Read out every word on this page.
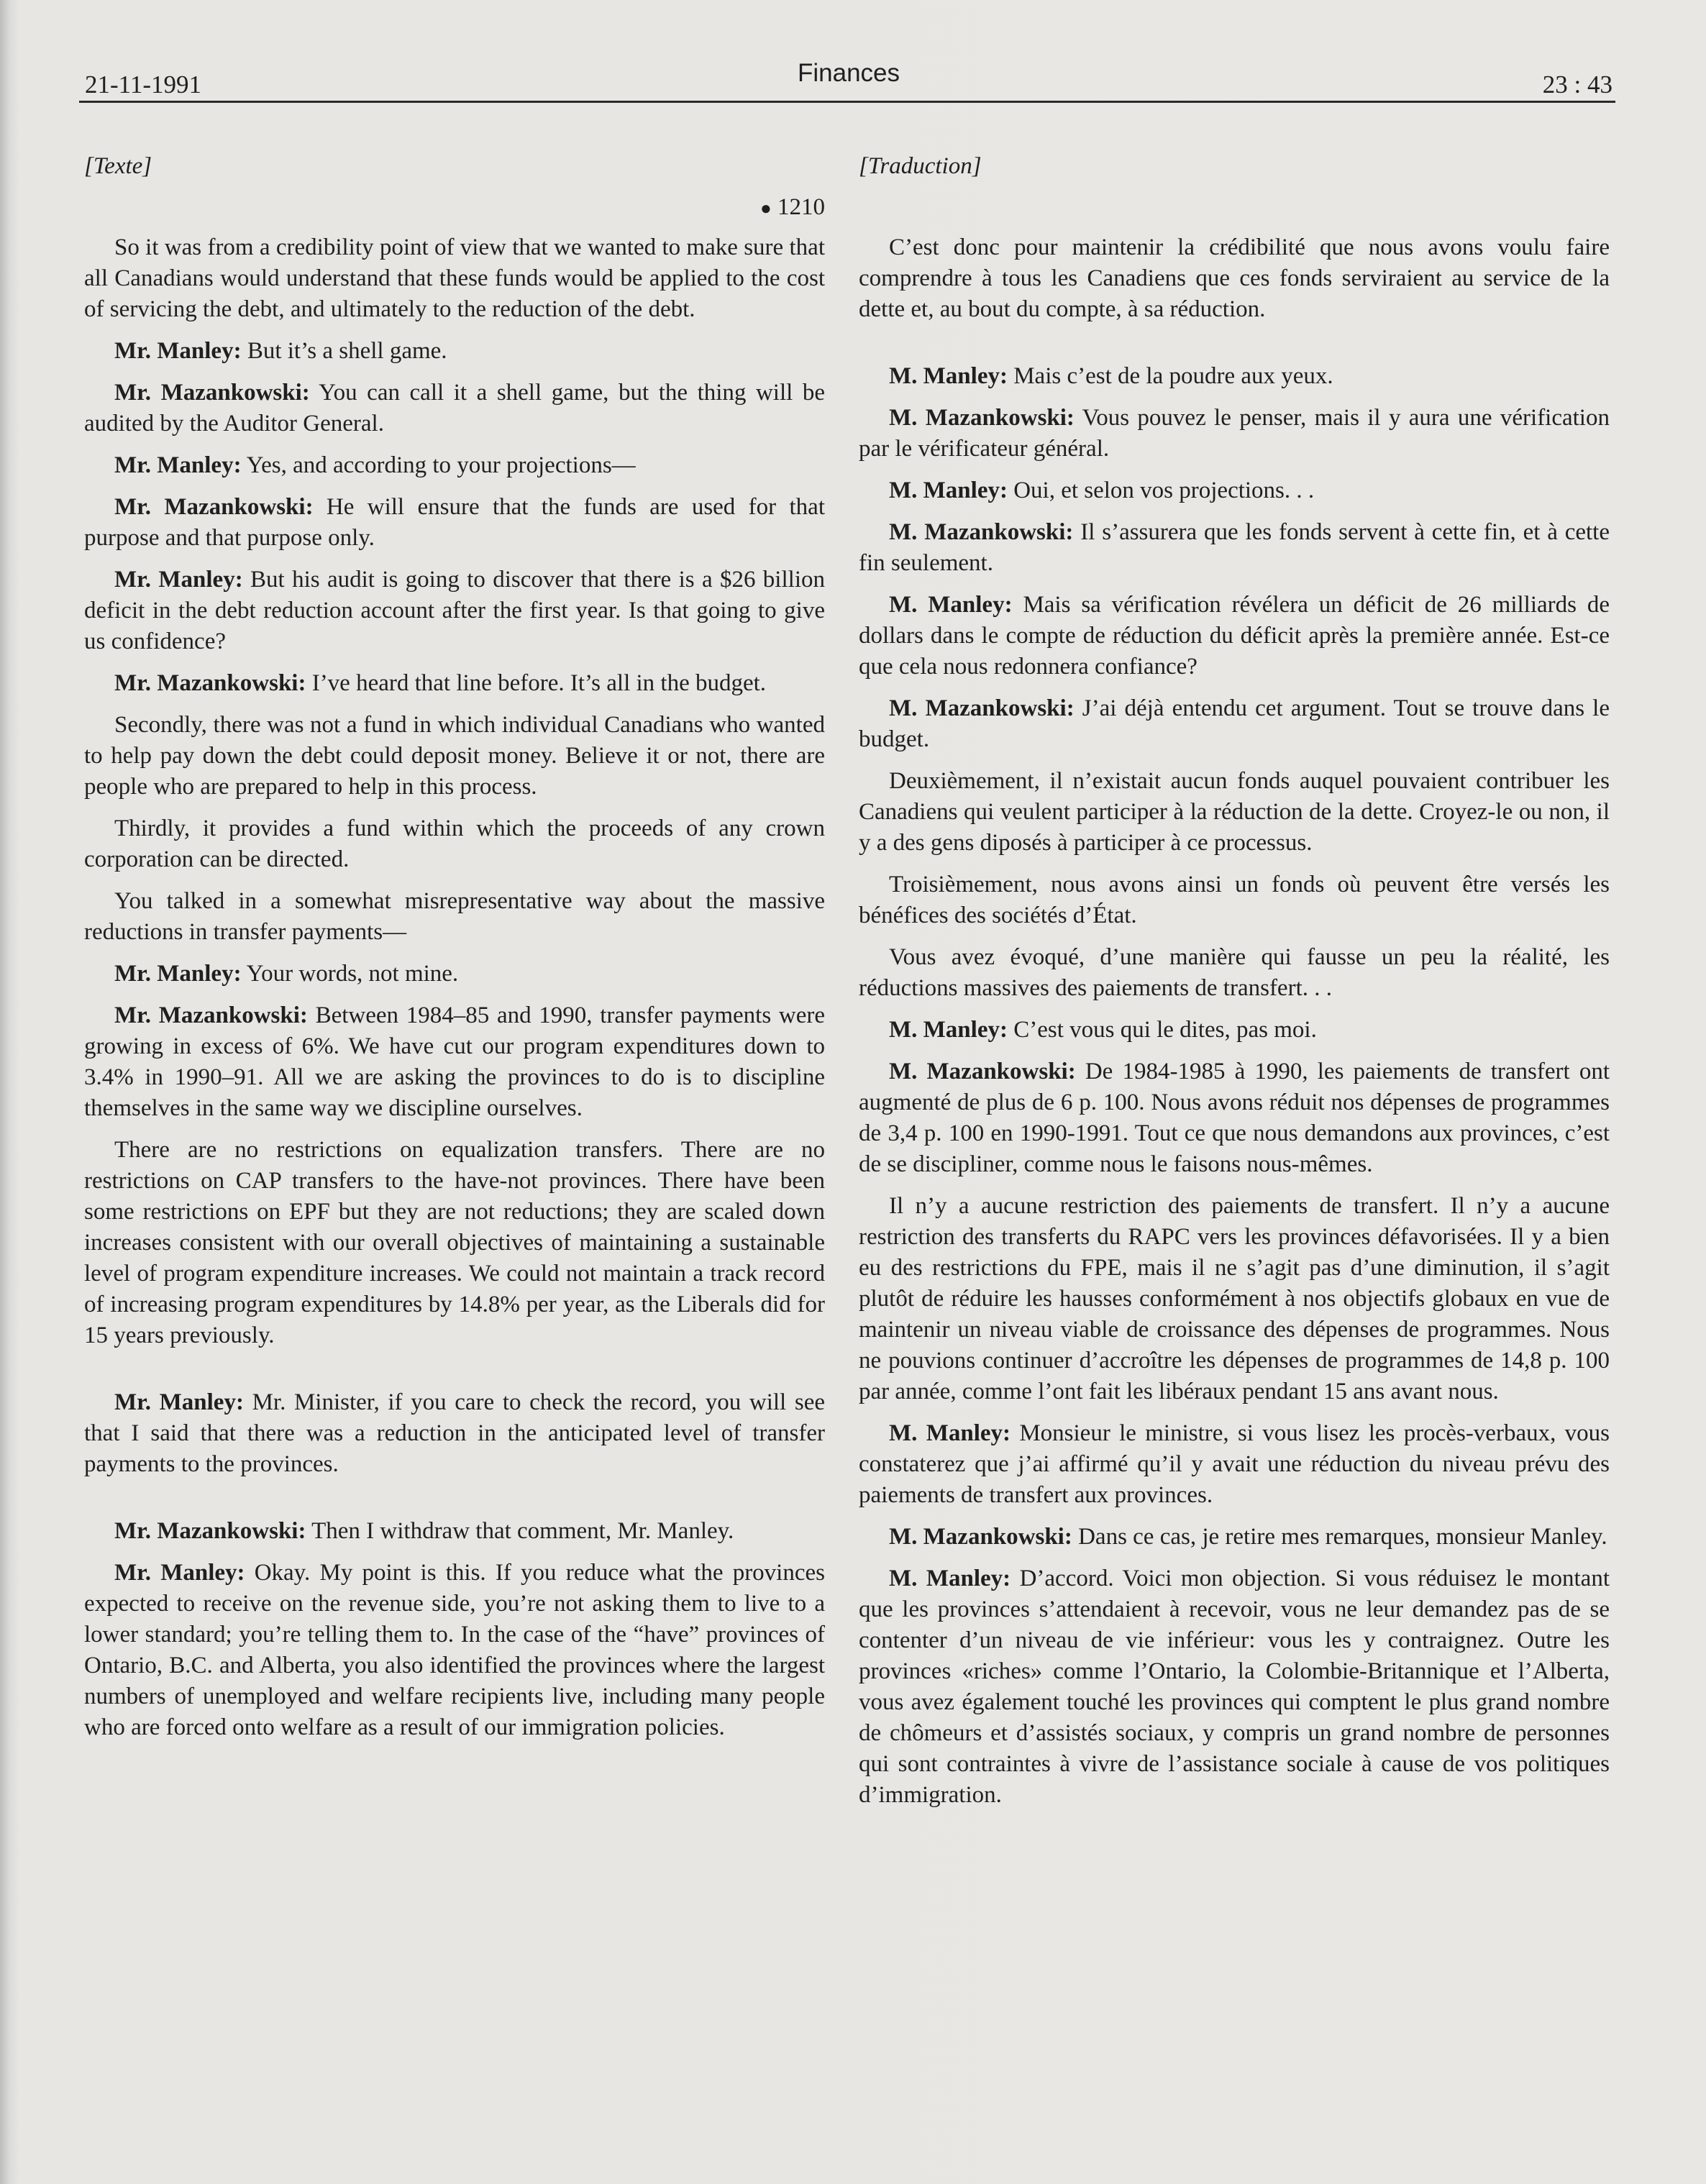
21-11-1991	Finances	23 : 43
[Texte]
● 1210

So it was from a credibility point of view that we wanted to make sure that all Canadians would understand that these funds would be applied to the cost of servicing the debt, and ultimately to the reduction of the debt.

Mr. Manley: But it’s a shell game.

Mr. Mazankowski: You can call it a shell game, but the thing will be audited by the Auditor General.

Mr. Manley: Yes, and according to your projections—

Mr. Mazankowski: He will ensure that the funds are used for that purpose and that purpose only.

Mr. Manley: But his audit is going to discover that there is a $26 billion deficit in the debt reduction account after the first year. Is that going to give us confidence?

Mr. Mazankowski: I’ve heard that line before. It’s all in the budget.

Secondly, there was not a fund in which individual Canadians who wanted to help pay down the debt could deposit money. Believe it or not, there are people who are prepared to help in this process.

Thirdly, it provides a fund within which the proceeds of any crown corporation can be directed.

You talked in a somewhat misrepresentative way about the massive reductions in transfer payments—

Mr. Manley: Your words, not mine.

Mr. Mazankowski: Between 1984–85 and 1990, transfer payments were growing in excess of 6%. We have cut our program expenditures down to 3.4% in 1990–91. All we are asking the provinces to do is to discipline themselves in the same way we discipline ourselves.

There are no restrictions on equalization transfers. There are no restrictions on CAP transfers to the have-not provinces. There have been some restrictions on EPF but they are not reductions; they are scaled down increases consistent with our overall objectives of maintaining a sustainable level of program expenditure increases. We could not maintain a track record of increasing program expenditures by 14.8% per year, as the Liberals did for 15 years previously.

Mr. Manley: Mr. Minister, if you care to check the record, you will see that I said that there was a reduction in the anticipated level of transfer payments to the provinces.

Mr. Mazankowski: Then I withdraw that comment, Mr. Manley.

Mr. Manley: Okay. My point is this. If you reduce what the provinces expected to receive on the revenue side, you’re not asking them to live to a lower standard; you’re telling them to. In the case of the “have” provinces of Ontario, B.C. and Alberta, you also identified the provinces where the largest numbers of unemployed and welfare recipients live, including many people who are forced onto welfare as a result of our immigration policies.

[Traduction]

C’est donc pour maintenir la crédibilité que nous avons voulu faire comprendre à tous les Canadiens que ces fonds serviraient au service de la dette et, au bout du compte, à sa réduction.

M. Manley: Mais c’est de la poudre aux yeux.

M. Mazankowski: Vous pouvez le penser, mais il y aura une vérification par le vérificateur général.

M. Manley: Oui, et selon vos projections. . .

M. Mazankowski: Il s’assurera que les fonds servent à cette fin, et à cette fin seulement.

M. Manley: Mais sa vérification révélera un déficit de 26 milliards de dollars dans le compte de réduction du déficit après la première année. Est-ce que cela nous redonnera confiance?

M. Mazankowski: J’ai déjà entendu cet argument. Tout se trouve dans le budget.

Deuxièmement, il n’existait aucun fonds auquel pouvaient contribuer les Canadiens qui veulent participer à la réduction de la dette. Croyez-le ou non, il y a des gens diposés à participer à ce processus.

Troisièmement, nous avons ainsi un fonds où peuvent être versés les bénéfices des sociétés d’État.

Vous avez évoqué, d’une manière qui fausse un peu la réalité, les réductions massives des paiements de transfert. . .

M. Manley: C’est vous qui le dites, pas moi.

M. Mazankowski: De 1984-1985 à 1990, les paiements de transfert ont augmenté de plus de 6 p. 100. Nous avons réduit nos dépenses de programmes de 3,4 p. 100 en 1990-1991. Tout ce que nous demandons aux provinces, c’est de se discipliner, comme nous le faisons nous-mêmes.

Il n’y a aucune restriction des paiements de transfert. Il n’y a aucune restriction des transferts du RAPC vers les provinces défavorisées. Il y a bien eu des restrictions du FPE, mais il ne s’agit pas d’une diminution, il s’agit plutôt de réduire les hausses conformément à nos objectifs globaux en vue de maintenir un niveau viable de croissance des dépenses de programmes. Nous ne pouvions continuer d’accroître les dépenses de programmes de 14,8 p. 100 par année, comme l’ont fait les libéraux pendant 15 ans avant nous.

M. Manley: Monsieur le ministre, si vous lisez les procès-verbaux, vous constaterez que j’ai affirmé qu’il y avait une réduction du niveau prévu des paiements de transfert aux provinces.

M. Mazankowski: Dans ce cas, je retire mes remarques, monsieur Manley.

M. Manley: D’accord. Voici mon objection. Si vous réduisez le montant que les provinces s’attendaient à recevoir, vous ne leur demandez pas de se contenter d’un niveau de vie inférieur: vous les y contraignez. Outre les provinces «riches» comme l’Ontario, la Colombie-Britannique et l’Alberta, vous avez également touché les provinces qui comptent le plus grand nombre de chômeurs et d’assistés sociaux, y compris un grand nombre de personnes qui sont contraintes à vivre de l’assistance sociale à cause de vos politiques d’immigration.
